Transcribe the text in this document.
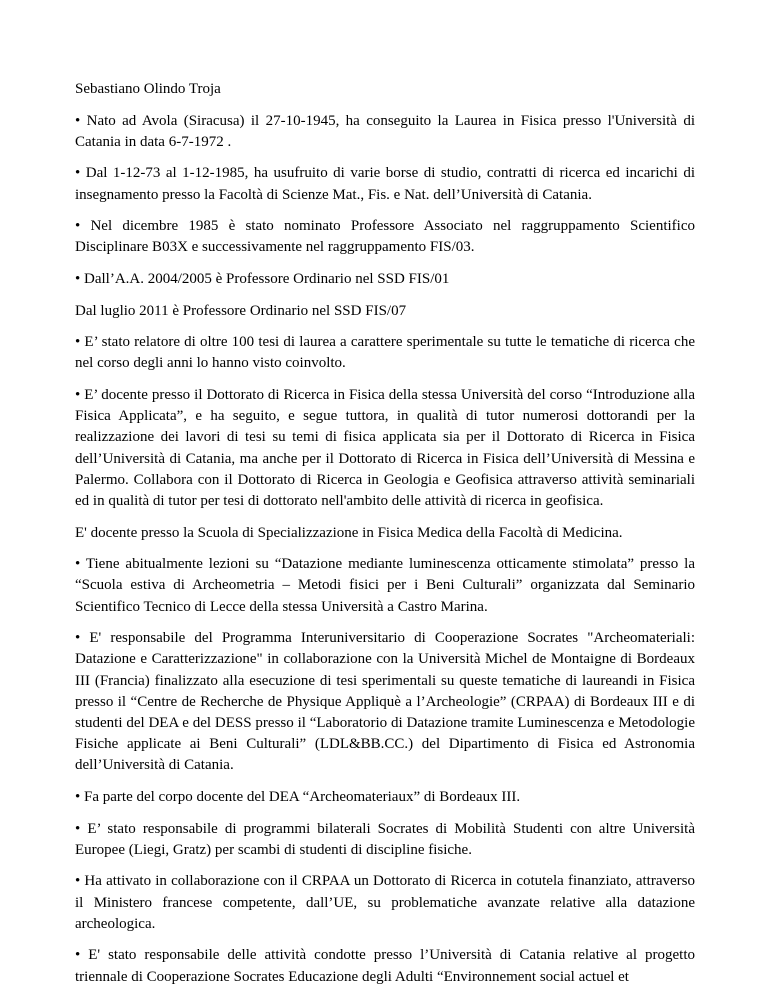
Sebastiano Olindo Troja

• Nato ad Avola (Siracusa) il 27-10-1945, ha conseguito la Laurea in Fisica presso l'Università di Catania in data 6-7-1972 .

• Dal 1-12-73 al 1-12-1985, ha usufruito di varie borse di studio, contratti di ricerca ed incarichi di insegnamento presso la Facoltà di Scienze Mat., Fis. e Nat. dell’Università di Catania.

• Nel dicembre 1985 è stato nominato Professore Associato nel raggruppamento Scientifico Disciplinare B03X e successivamente nel raggruppamento FIS/03.

• Dall’A.A. 2004/2005 è Professore Ordinario nel SSD FIS/01

Dal luglio 2011 è Professore Ordinario nel SSD FIS/07

• E’ stato relatore di oltre 100 tesi di laurea a carattere sperimentale su tutte le tematiche di ricerca che nel corso degli anni lo hanno visto coinvolto.

• E’ docente presso il Dottorato di Ricerca in Fisica della stessa Università del corso “Introduzione alla Fisica Applicata”, e ha seguito, e segue tuttora, in qualità di tutor numerosi dottorandi per la realizzazione dei lavori di tesi su temi di fisica applicata sia per il Dottorato di Ricerca in Fisica dell’Università di Catania, ma anche per il Dottorato di Ricerca in Fisica dell’Università di Messina e Palermo. Collabora con il Dottorato di Ricerca in Geologia e Geofisica attraverso attività seminariali ed in qualità di tutor per tesi di dottorato nell'ambito delle attività di ricerca in geofisica.

E' docente presso la Scuola di Specializzazione in Fisica Medica della Facoltà di Medicina.

• Tiene abitualmente lezioni su “Datazione mediante luminescenza otticamente stimolata” presso la “Scuola estiva di Archeometria – Metodi fisici per i Beni Culturali” organizzata dal Seminario Scientifico Tecnico di Lecce della stessa Università a Castro Marina.

• E' responsabile del Programma Interuniversitario di Cooperazione Socrates "Archeomateriali: Datazione e Caratterizzazione" in collaborazione con la Università Michel de Montaigne di Bordeaux III (Francia) finalizzato alla esecuzione di tesi sperimentali su queste tematiche di laureandi in Fisica presso il “Centre de Recherche de Physique Appliquè a l’Archeologie” (CRPAA) di Bordeaux III e di studenti del DEA e del DESS presso il “Laboratorio di Datazione tramite Luminescenza e Metodologie Fisiche applicate ai Beni Culturali” (LDL&BB.CC.) del Dipartimento di Fisica ed Astronomia dell’Università di Catania.

• Fa parte del corpo docente del DEA “Archeomateriaux” di Bordeaux III.

• E’ stato responsabile di programmi bilaterali Socrates di Mobilità Studenti con altre Università Europee (Liegi, Gratz) per scambi di studenti di discipline fisiche.

• Ha attivato in collaborazione con il CRPAA un Dottorato di Ricerca in cotutela finanziato, attraverso il Ministero francese competente, dall’UE, su problematiche avanzate relative alla datazione archeologica.

• E' stato responsabile delle attività condotte presso l’Università di Catania relative al progetto triennale di Cooperazione Socrates Educazione degli Adulti “Environnement social actuel et
